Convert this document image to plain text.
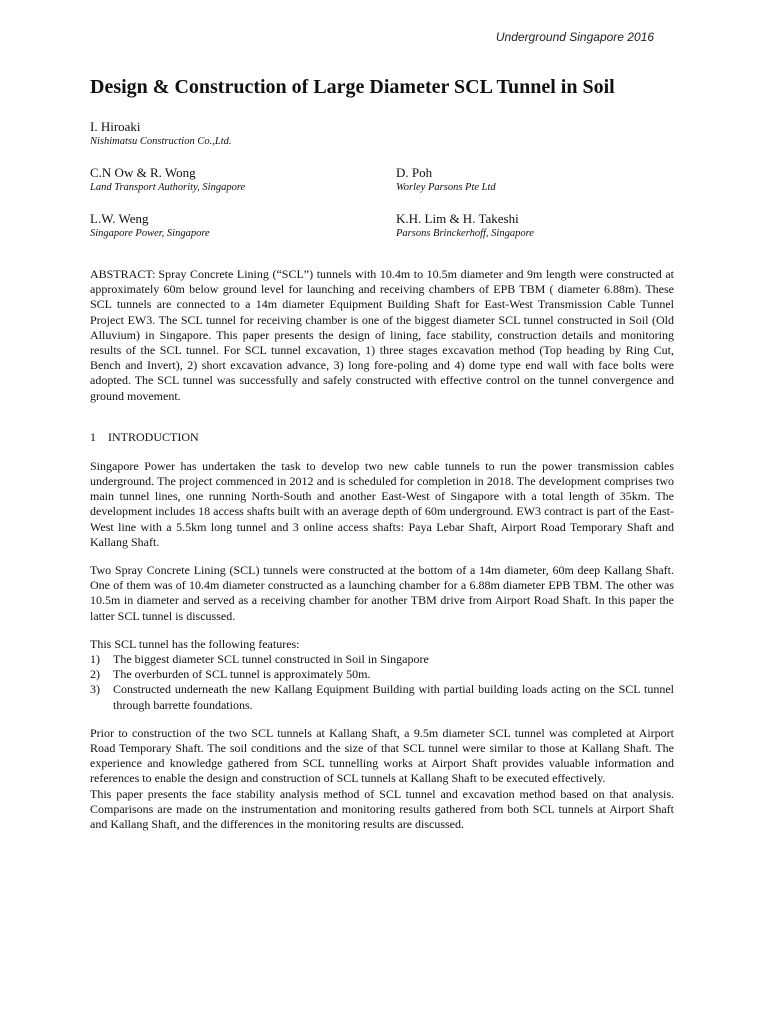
Underground Singapore 2016
Design & Construction of Large Diameter SCL Tunnel in Soil
I. Hiroaki
Nishimatsu Construction Co.,Ltd.
C.N Ow & R. Wong
Land Transport Authority, Singapore
D. Poh
Worley Parsons Pte Ltd
L.W. Weng
Singapore Power, Singapore
K.H. Lim & H. Takeshi
Parsons Brinckerhoff, Singapore

ABSTRACT: Spray Concrete Lining (“SCL”) tunnels with 10.4m to 10.5m diameter and 9m length were constructed at approximately 60m below ground level for launching and receiving chambers of EPB TBM ( diameter 6.88m). These SCL tunnels are connected to a 14m diameter Equipment Building Shaft for East-West Transmission Cable Tunnel Project EW3. The SCL tunnel for receiving chamber is one of the biggest diameter SCL tunnel constructed in Soil (Old Alluvium) in Singapore. This paper presents the design of lining, face stability, construction details and monitoring results of the SCL tunnel. For SCL tunnel excavation, 1) three stages excavation method (Top heading by Ring Cut, Bench and Invert), 2) short excavation advance, 3) long fore-poling and 4) dome type end wall with face bolts were adopted. The SCL tunnel was successfully and safely constructed with effective control on the tunnel convergence and ground movement.

1 INTRODUCTION

Singapore Power has undertaken the task to develop two new cable tunnels to run the power transmission cables underground. The project commenced in 2012 and is scheduled for completion in 2018. The development comprises two main tunnel lines, one running North-South and another East-West of Singapore with a total length of 35km. The development includes 18 access shafts built with an average depth of 60m underground. EW3 contract is part of the East-West line with a 5.5km long tunnel and 3 online access shafts: Paya Lebar Shaft, Airport Road Temporary Shaft and Kallang Shaft.

Two Spray Concrete Lining (SCL) tunnels were constructed at the bottom of a 14m diameter, 60m deep Kallang Shaft. One of them was of 10.4m diameter constructed as a launching chamber for a 6.88m diameter EPB TBM. The other was 10.5m in diameter and served as a receiving chamber for another TBM drive from Airport Road Shaft. In this paper the latter SCL tunnel is discussed.

This SCL tunnel has the following features:

1)	The biggest diameter SCL tunnel constructed in Soil in Singapore
2)	The overburden of SCL tunnel is approximately 50m.
3)	Constructed underneath the new Kallang Equipment Building with partial building loads acting on the SCL tunnel through barrette foundations.

Prior to construction of the two SCL tunnels at Kallang Shaft, a 9.5m diameter SCL tunnel was completed at Airport Road Temporary Shaft. The soil conditions and the size of that SCL tunnel were similar to those at Kallang Shaft. The experience and knowledge gathered from SCL tunnelling works at Airport Shaft provides valuable information and references to enable the design and construction of SCL tunnels at Kallang Shaft to be executed effectively.

This paper presents the face stability analysis method of SCL tunnel and excavation method based on that analysis. Comparisons are made on the instrumentation and monitoring results gathered from both SCL tunnels at Airport Shaft and Kallang Shaft, and the differences in the monitoring results are discussed.
